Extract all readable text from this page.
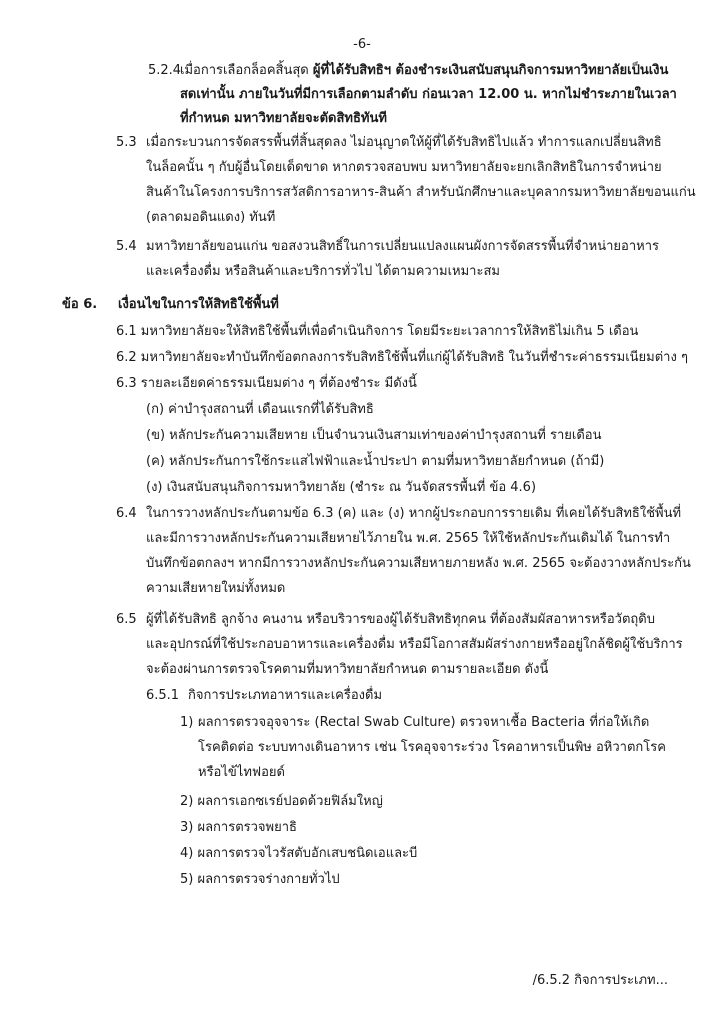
-6-
5.2.4
เมื่อการเลือกล็อคสิ้นสุด ผู้ที่ได้รับสิทธิฯ ต้องชำระเงินสนับสนุนกิจการมหาวิทยาลัยเป็นเงิน
สดเท่านั้น ภายในวันที่มีการเลือกตามลำดับ ก่อนเวลา 12.00 น. หากไม่ชำระภายในเวลา
ที่กำหนด มหาวิทยาลัยจะตัดสิทธิทันที
5.3 เมื่อกระบวนการจัดสรรพื้นที่สิ้นสุดลง ไม่อนุญาตให้ผู้ที่ได้รับสิทธิไปแล้ว ทำการแลกเปลี่ยนสิทธิ
ในล็อคนั้น ๆ กับผู้อื่นโดยเด็ดขาด หากตรวจสอบพบ มหาวิทยาลัยจะยกเลิกสิทธิในการจำหน่าย
สินค้าในโครงการบริการสวัสดิการอาหาร-สินค้า สำหรับนักศึกษาและบุคลากรมหาวิทยาลัยขอนแก่น
(ตลาดมอดินแดง) ทันที
5.4 มหาวิทยาลัยขอนแก่น ขอสงวนสิทธิ์ในการเปลี่ยนแปลงแผนผังการจัดสรรพื้นที่จำหน่ายอาหาร
และเครื่องดื่ม หรือสินค้าและบริการทั่วไป ได้ตามความเหมาะสม
ข้อ 6. เงื่อนไขในการให้สิทธิใช้พื้นที่
6.1 มหาวิทยาลัยจะให้สิทธิใช้พื้นที่เพื่อดำเนินกิจการ โดยมีระยะเวลาการให้สิทธิไม่เกิน 5 เดือน
6.2 มหาวิทยาลัยจะทำบันทึกข้อตกลงการรับสิทธิใช้พื้นที่แก่ผู้ได้รับสิทธิ ในวันที่ชำระค่าธรรมเนียมต่าง ๆ
6.3 รายละเอียดค่าธรรมเนียมต่าง ๆ ที่ต้องชำระ มีดังนี้
(ก) ค่าบำรุงสถานที่ เดือนแรกที่ได้รับสิทธิ
(ข) หลักประกันความเสียหาย เป็นจำนวนเงินสามเท่าของค่าบำรุงสถานที่ รายเดือน
(ค) หลักประกันการใช้กระแสไฟฟ้าและน้ำประปา ตามที่มหาวิทยาลัยกำหนด (ถ้ามี)
(ง) เงินสนับสนุนกิจการมหาวิทยาลัย (ชำระ ณ วันจัดสรรพื้นที่ ข้อ 4.6)
6.4 ในการวางหลักประกันตามข้อ 6.3 (ค) และ (ง) หากผู้ประกอบการรายเดิม ที่เคยได้รับสิทธิใช้พื้นที่
และมีการวางหลักประกันความเสียหายไว้ภายใน พ.ศ. 2565 ให้ใช้หลักประกันเดิมได้ ในการทำ
บันทึกข้อตกลงฯ หากมีการวางหลักประกันความเสียหายภายหลัง พ.ศ. 2565 จะต้องวางหลักประกัน
ความเสียหายใหม่ทั้งหมด
6.5 ผู้ที่ได้รับสิทธิ ลูกจ้าง คนงาน หรือบริวารของผู้ได้รับสิทธิทุกคน ที่ต้องสัมผัสอาหารหรือวัตถุดิบ
และอุปกรณ์ที่ใช้ประกอบอาหารและเครื่องดื่ม หรือมีโอกาสสัมผัสร่างกายหรืออยู่ใกล้ชิดผู้ใช้บริการ
จะต้องผ่านการตรวจโรคตามที่มหาวิทยาลัยกำหนด ตามรายละเอียด ดังนี้
6.5.1 กิจการประเภทอาหารและเครื่องดื่ม
1) ผลการตรวจอุจจาระ (Rectal Swab Culture) ตรวจหาเชื้อ Bacteria ที่ก่อให้เกิด
โรคติดต่อ ระบบทางเดินอาหาร เช่น โรคอุจจาระร่วง โรคอาหารเป็นพิษ อหิวาตกโรค
หรือไข้ไทฟอยด์
2) ผลการเอกซเรย์ปอดด้วยฟิล์มใหญ่
3) ผลการตรวจพยาธิ
4) ผลการตรวจไวรัสตับอักเสบชนิดเอและบี
5) ผลการตรวจร่างกายทั่วไป
/6.5.2 กิจการประเภท...
